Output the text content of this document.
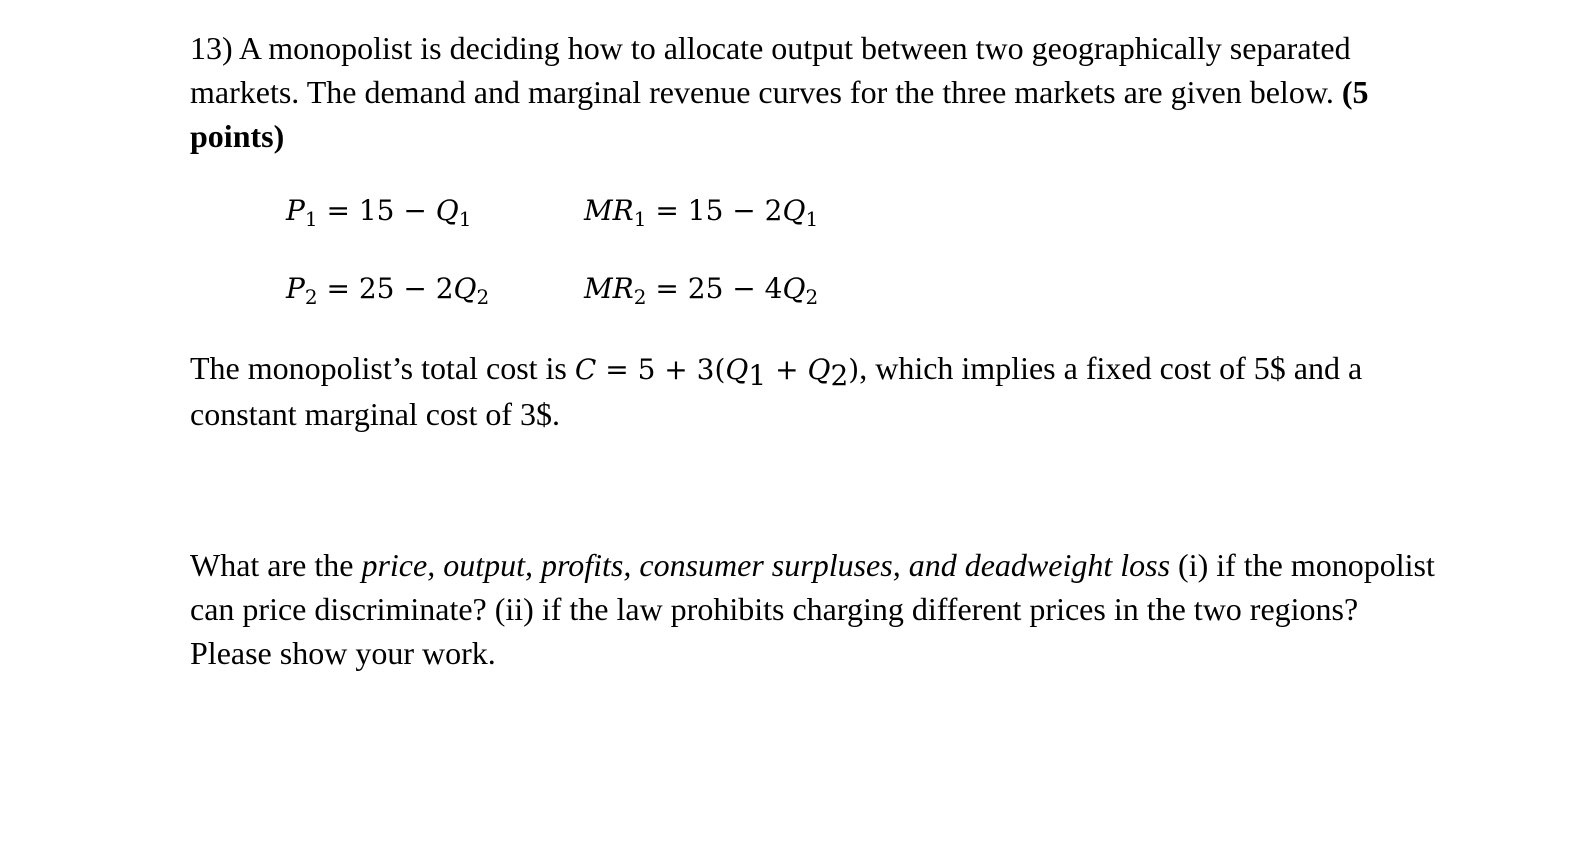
13) A monopolist is deciding how to allocate output between two geographically separated
markets. The demand and marginal revenue curves for the three markets are given below. (5
points)
$P_1 = 15 - Q_1$	$MR_1 = 15 - 2Q_1$
$P_2 = 25 - 2Q_2$	$MR_2 = 25 - 4Q_2$
The monopolist’s total cost is $C = 5 + 3(Q_1 + Q_2)$, which implies a fixed cost of 5$ and a
constant marginal cost of 3$.
What are the price, output, profits, consumer surpluses, and deadweight loss (i) if the monopolist
can price discriminate? (ii) if the law prohibits charging different prices in the two regions?
Please show your work.
